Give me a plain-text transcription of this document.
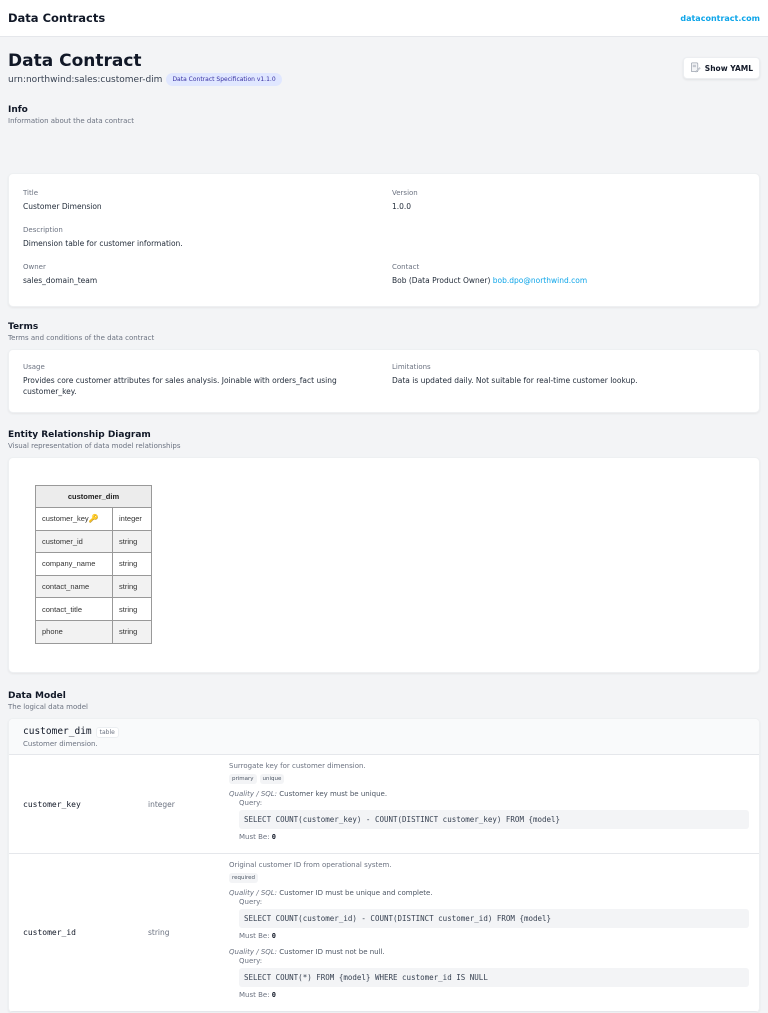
Data Contracts	datacontract.com
Data Contract
urn:northwind:sales:customer-dim	Data Contract Specification v1.1.0
Show YAML
Info
Information about the data contract
Title
Customer Dimension
Version
1.0.0
Description
Dimension table for customer information.
Owner
sales_domain_team
Contact
Bob (Data Product Owner) bob.dpo@northwind.com
Terms
Terms and conditions of the data contract
Usage
Provides core customer attributes for sales analysis. Joinable with orders_fact using customer_key.
Limitations
Data is updated daily. Not suitable for real-time customer lookup.
Entity Relationship Diagram
Visual representation of data model relationships
customer_dim	
customer_key🔑	integer
customer_id	string
company_name	string
contact_name	string
contact_title	string
phone	string
Data Model
The logical data model
customer_dim table
Customer dimension.
customer_key	integer
Surrogate key for customer dimension.
primary	unique
Quality / SQL: Customer key must be unique.
Query:
SELECT COUNT(customer_key) - COUNT(DISTINCT customer_key) FROM {model}
Must Be: 0
customer_id	string
Original customer ID from operational system.
required
Quality / SQL: Customer ID must be unique and complete.
Query:
SELECT COUNT(customer_id) - COUNT(DISTINCT customer_id) FROM {model}
Must Be: 0
Quality / SQL: Customer ID must not be null.
Query:
SELECT COUNT(*) FROM {model} WHERE customer_id IS NULL
Must Be: 0
